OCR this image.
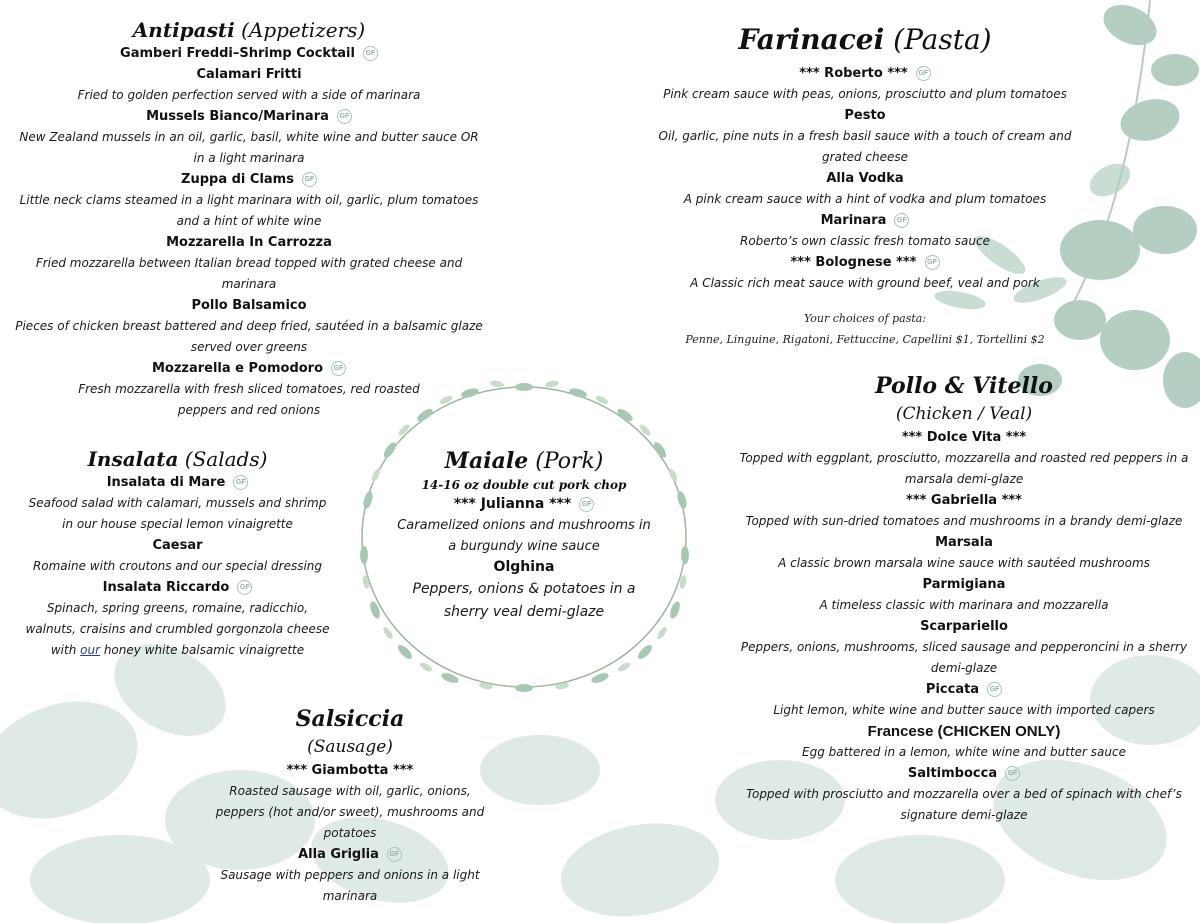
Antipasti (Appetizers)
Gamberi Freddi–Shrimp Cocktail GF
Calamari Fritti
Fried to golden perfection served with a side of marinara
Mussels Bianco/Marinara GF
New Zealand mussels in an oil, garlic, basil, white wine and butter sauce OR in a light marinara
Zuppa di Clams GF
Little neck clams steamed in a light marinara with oil, garlic, plum tomatoes and a hint of white wine
Mozzarella In Carrozza
Fried mozzarella between Italian bread topped with grated cheese and marinara
Pollo Balsamico
Pieces of chicken breast battered and deep fried, sautéed in a balsamic glaze served over greens
Mozzarella e Pomodoro GF
Fresh mozzarella with fresh sliced tomatoes, red roasted peppers and red onions
Insalata (Salads)
Insalata di Mare GF
Seafood salad with calamari, mussels and shrimp in our house special lemon vinaigrette
Caesar
Romaine with croutons and our special dressing
Insalata Riccardo GF
Spinach, spring greens, romaine, radicchio, walnuts, craisins and crumbled gorgonzola cheese with our honey white balsamic vinaigrette
Maiale (Pork)
14-16 oz double cut pork chop
*** Julianna *** GF
Caramelized onions and mushrooms in a burgundy wine sauce
Olghina
Peppers, onions & potatoes in a sherry veal demi-glaze
Salsiccia
(Sausage)
*** Giambotta ***
Roasted sausage with oil, garlic, onions, peppers (hot and/or sweet), mushrooms and potatoes
Alla Griglia GF
Sausage with peppers and onions in a light marinara
Farinacei (Pasta)
*** Roberto *** GF
Pink cream sauce with peas, onions, prosciutto and plum tomatoes
Pesto
Oil, garlic, pine nuts in a fresh basil sauce with a touch of cream and grated cheese
Alla Vodka
A pink cream sauce with a hint of vodka and plum tomatoes
Marinara GF
Roberto’s own classic fresh tomato sauce
*** Bolognese *** GF
A Classic rich meat sauce with ground beef, veal and pork
Your choices of pasta:
Penne, Linguine, Rigatoni, Fettuccine, Capellini $1, Tortellini $2
Pollo & Vitello
(Chicken / Veal)
*** Dolce Vita ***
Topped with eggplant, prosciutto, mozzarella and roasted red peppers in a marsala demi-glaze
*** Gabriella ***
Topped with sun-dried tomatoes and mushrooms in a brandy demi-glaze
Marsala
A classic brown marsala wine sauce with sautéed mushrooms
Parmigiana
A timeless classic with marinara and mozzarella
Scarpariello
Peppers, onions, mushrooms, sliced sausage and pepperoncini in a sherry demi-glaze
Piccata GF
Light lemon, white wine and butter sauce with imported capers
Francese (CHICKEN ONLY)
Egg battered in a lemon, white wine and butter sauce
Saltimbocca GF
Topped with prosciutto and mozzarella over a bed of spinach with chef’s signature demi-glaze
